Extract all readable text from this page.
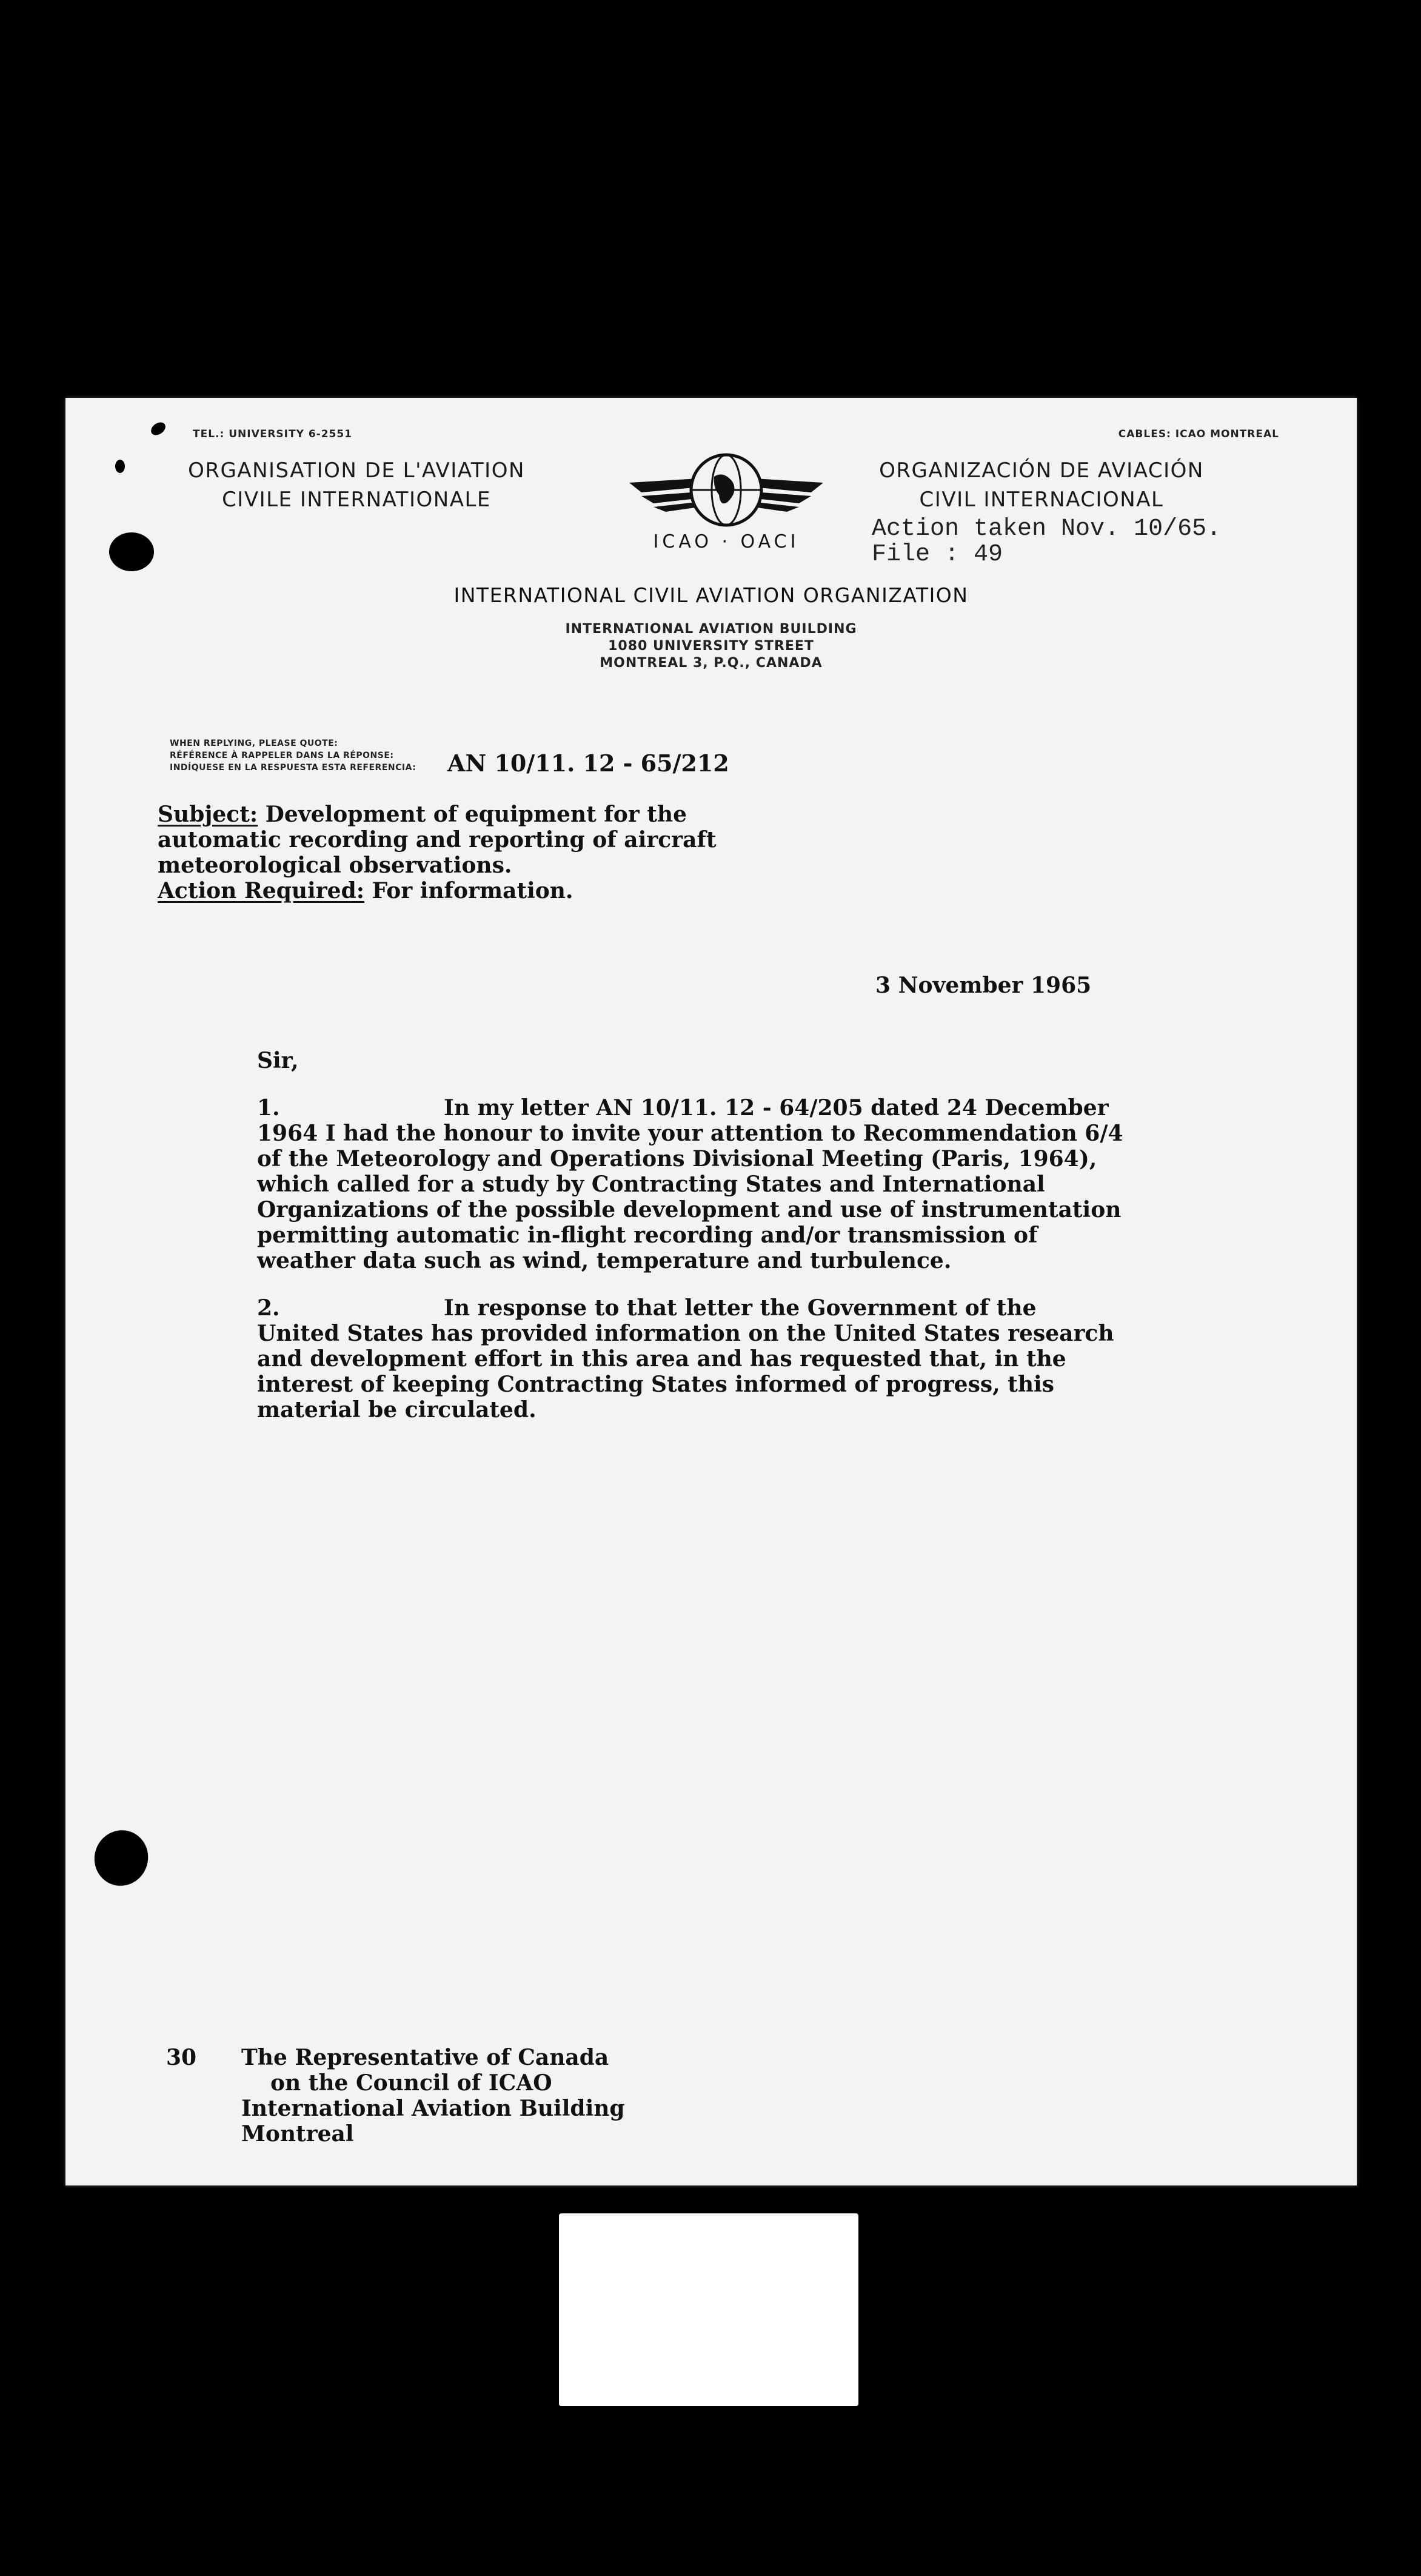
TEL.: UNIVERSITY 6-2551	CABLES: ICAO MONTREAL
ORGANISATION DE L'AVIATION
CIVILE INTERNATIONALE
ICAO · OACI
ORGANIZACIÓN DE AVIACIÓN
CIVIL INTERNACIONAL
Action taken Nov. 10/65.
File : 49
INTERNATIONAL CIVIL AVIATION ORGANIZATION
INTERNATIONAL AVIATION BUILDING
1080 UNIVERSITY STREET
MONTREAL 3, P.Q., CANADA
WHEN REPLYING, PLEASE QUOTE:
RÉFÉRENCE À RAPPELER DANS LA RÉPONSE:
INDÍQUESE EN LA RESPUESTA ESTA REFERENCIA: AN 10/11. 12 - 65/212
Subject: Development of equipment for the
automatic recording and reporting of aircraft
meteorological observations.
Action Required: For information.
3 November 1965
Sir,
1.	In my letter AN 10/11. 12 - 64/205 dated 24 December
1964 I had the honour to invite your attention to Recommendation 6/4
of the Meteorology and Operations Divisional Meeting (Paris, 1964),
which called for a study by Contracting States and International
Organizations of the possible development and use of instrumentation
permitting automatic in-flight recording and/or transmission of
weather data such as wind, temperature and turbulence.
2.	In response to that letter the Government of the
United States has provided information on the United States research
and development effort in this area and has requested that, in the
interest of keeping Contracting States informed of progress, this
material be circulated.
30 The Representative of Canada
on the Council of ICAO
International Aviation Building
Montreal
